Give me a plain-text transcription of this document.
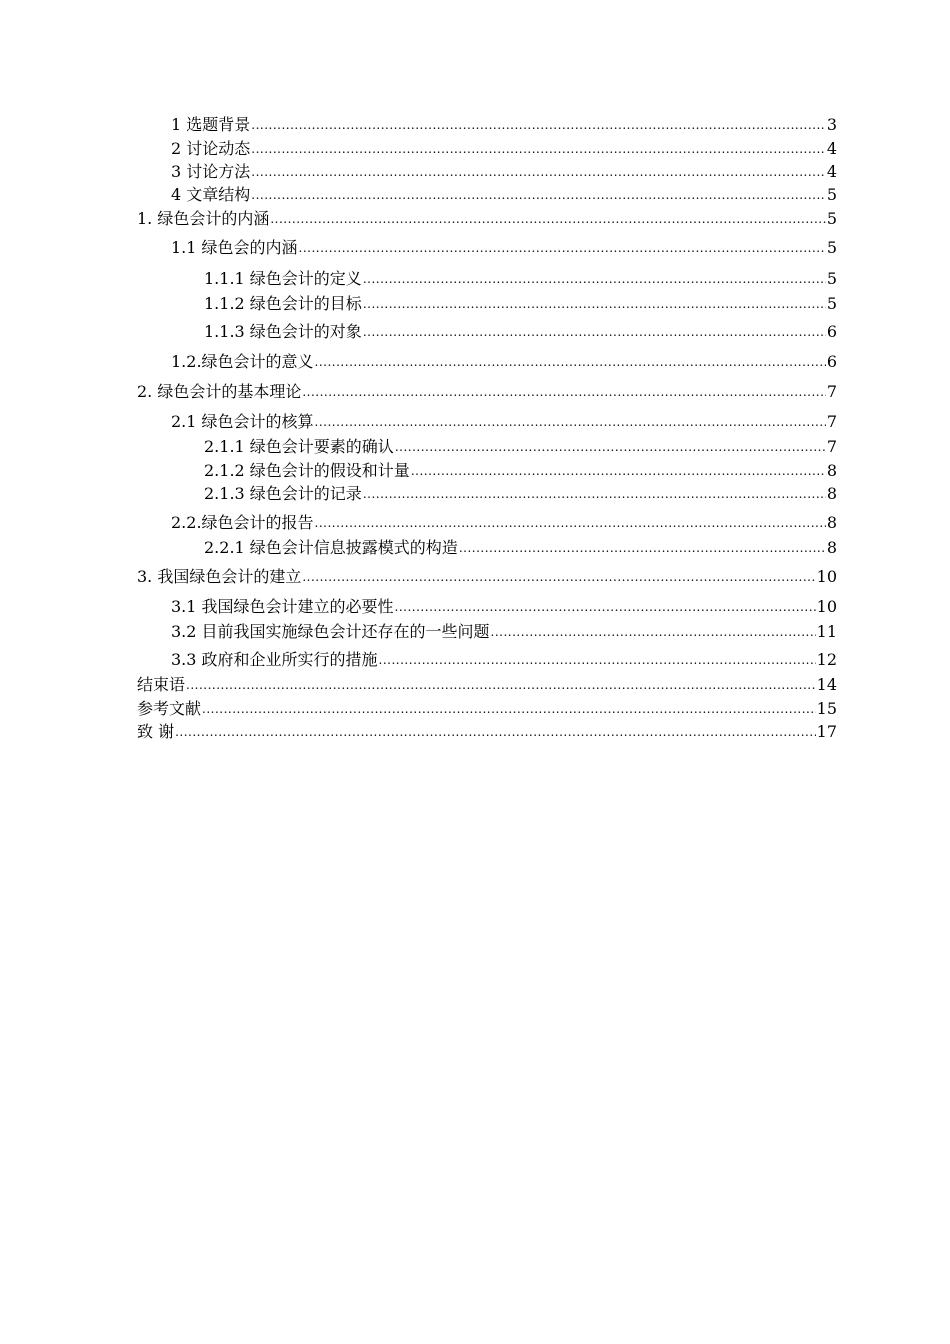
1 选题背景 .....	3
2 讨论动态 .....	4
3 讨论方法 .....	4
4 文章结构 .....	5
1. 绿色会计的内涵 .....	5
1.1 绿色会的内涵 .....	5
1.1.1 绿色会计的定义 .....	5
1.1.2 绿色会计的目标 .....	5
1.1.3 绿色会计的对象 .....	6
1.2.绿色会计的意义 .....	6
2. 绿色会计的基本理论 .....	7
2.1 绿色会计的核算 .....	7
2.1.1 绿色会计要素的确认 .....	7
2.1.2 绿色会计的假设和计量 .....	8
2.1.3 绿色会计的记录 .....	8
2.2.绿色会计的报告 .....	8
2.2.1 绿色会计信息披露模式的构造 .....	8
3. 我国绿色会计的建立 .....	10
3.1 我国绿色会计建立的必要性 .....	10
3.2 目前我国实施绿色会计还存在的一些问题 .....	11
3.3 政府和企业所实行的措施 .....	12
结束语 .....	14
参考文献 .....	15
致 谢 .....	17
